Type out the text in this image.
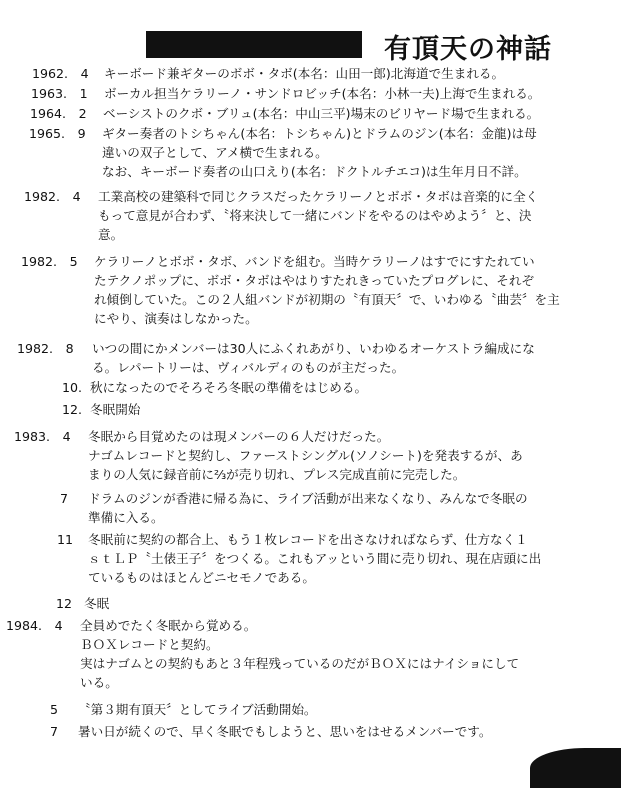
有頂天の神話
1962.　4 キーボード兼ギターのボボ・タボ(本名：山田一郎)北海道で生まれる。
1963.　1 ボーカル担当ケラリーノ・サンドロビッチ(本名：小林一夫)上海で生まれる。
1964.　2 ベーシストのクボ・ブリュ(本名：中山三平)場末のビリヤード場で生まれる。
1965.　9 ギター奏者のトシちゃん(本名：トシちゃん)とドラムのジン(本名：金龍)は母
違いの双子として、アメ横で生まれる。
なお、キーボード奏者の山口えり(本名：ドクトルチエコ)は生年月日不詳。
1982.　4 工業高校の建築科で同じクラスだったケラリーノとボボ・タボは音楽的に全く
もって意見が合わず、〝将来決して一緒にバンドをやるのはやめよう〞と、決
意。
1982.　5 ケラリーノとボボ・タボ、バンドを組む。当時ケラリーノはすでにすたれてい
たテクノポップに、ボボ・タボはやはりすたれきっていたプログレに、それぞ
れ傾倒していた。この２人組バンドが初期の〝有頂天〞で、いわゆる〝曲芸〞を主
にやり、演奏はしなかった。
1982.　8 いつの間にかメンバーは30人にふくれあがり、いわゆるオーケストラ編成にな
る。レパートリーは、ヴィバルディのものが主だった。
10. 秋になったのでそろそろ冬眠の準備をはじめる。
12. 冬眠開始
1983.　4 冬眠から目覚めたのは現メンバーの６人だけだった。
ナゴムレコードと契約し、ファーストシングル(ソノシート)を発表するが、あ
まりの人気に録音前に⅔が売り切れ、プレス完成直前に完売した。
7 ドラムのジンが香港に帰る為に、ライブ活動が出来なくなり、みんなで冬眠の
準備に入る。
11 冬眠前に契約の都合上、もう１枚レコードを出さなければならず、仕方なく１
ｓｔＬＰ〝土俵王子〞をつくる。これもアッという間に売り切れ、現在店頭に出
ているものはほとんどニセモノである。
12 冬眠
1984.　4 全員めでたく冬眠から覚める。
ＢＯＸレコードと契約。
実はナゴムとの契約もあと３年程残っているのだがＢＯＸにはナイショにして
いる。
5 〝第３期有頂天〞としてライブ活動開始。
7 暑い日が続くので、早く冬眠でもしようと、思いをはせるメンバーです。
